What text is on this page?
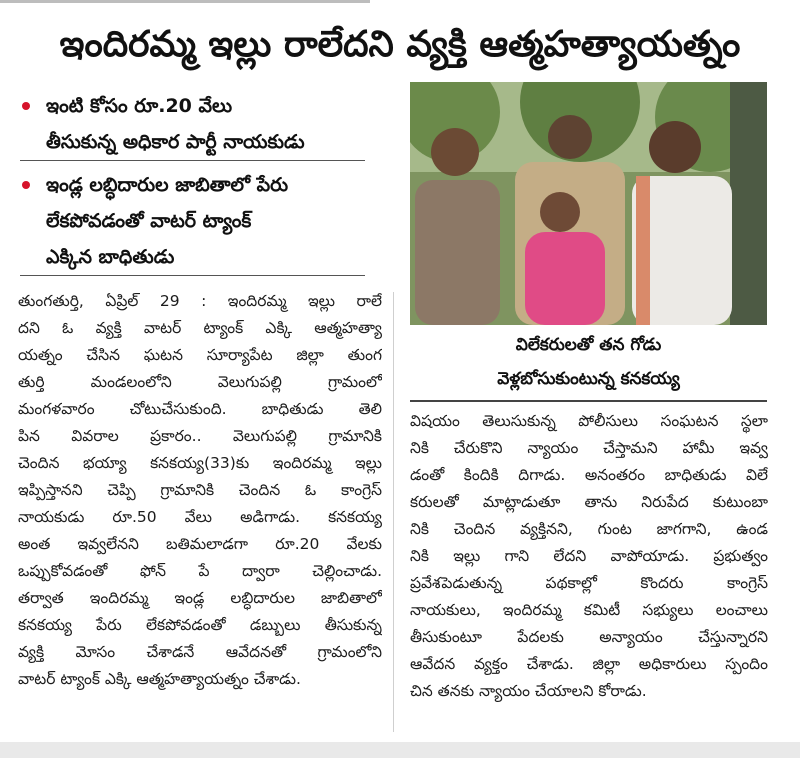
ఇందిరమ్మ ఇల్లు రాలేదని వ్యక్తి ఆత్మహత్యాయత్నం
ఇంటి కోసం రూ.20 వేలు
తీసుకున్న అధికార పార్టీ నాయకుడు
ఇండ్ల లబ్ధిదారుల జాబితాలో పేరు
లేకపోవడంతో వాటర్ ట్యాంక్
ఎక్కిన బాధితుడు
విలేకరులతో తన గోడు
వెళ్లబోసుకుంటున్న కనకయ్య
తుంగతుర్తి, ఏప్రిల్ 29 : ఇందిరమ్మ ఇల్లు రాలే
దని ఓ వ్యక్తి వాటర్ ట్యాంక్ ఎక్కి ఆత్మహత్యా
యత్నం చేసిన ఘటన సూర్యాపేట జిల్లా తుంగ
తుర్తి మండలంలోని వెలుగుపల్లి గ్రామంలో
మంగళవారం చోటుచేసుకుంది. బాధితుడు తెలి
పిన వివరాల ప్రకారం.. వెలుగుపల్లి గ్రామానికి
చెందిన భయ్యా కనకయ్య(33)కు ఇందిరమ్మ ఇల్లు
ఇప్పిస్తానని చెప్పి గ్రామానికి చెందిన ఓ కాంగ్రెస్
నాయకుడు రూ.50 వేలు అడిగాడు. కనకయ్య
అంత ఇవ్వలేనని బతిమలాడగా రూ.20 వేలకు
ఒప్పుకోవడంతో ఫోన్ పే ద్వారా చెల్లించాడు.
తర్వాత ఇందిరమ్మ ఇండ్ల లబ్ధిదారుల జాబితాలో
కనకయ్య పేరు లేకపోవడంతో డబ్బులు తీసుకున్న
వ్యక్తి మోసం చేశాడనే ఆవేదనతో గ్రామంలోని
వాటర్ ట్యాంక్ ఎక్కి ఆత్మహత్యాయత్నం చేశాడు.
విషయం తెలుసుకున్న పోలీసులు సంఘటన స్థలా
నికి చేరుకొని న్యాయం చేస్తామని హామీ ఇవ్వ
డంతో కిందికి దిగాడు. అనంతరం బాధితుడు విలే
కరులతో మాట్లాడుతూ తాను నిరుపేద కుటుంబా
నికి చెందిన వ్యక్తినని, గుంట జాగగాని, ఉండ
నికి ఇల్లు గాని లేదని వాపోయాడు. ప్రభుత్వం
ప్రవేశపెడుతున్న పథకాల్లో కొందరు కాంగ్రెస్
నాయకులు, ఇందిరమ్మ కమిటీ సభ్యులు లంచాలు
తీసుకుంటూ పేదలకు అన్యాయం చేస్తున్నారని
ఆవేదన వ్యక్తం చేశాడు. జిల్లా అధికారులు స్పందిం
చిన తనకు న్యాయం చేయాలని కోరాడు.
